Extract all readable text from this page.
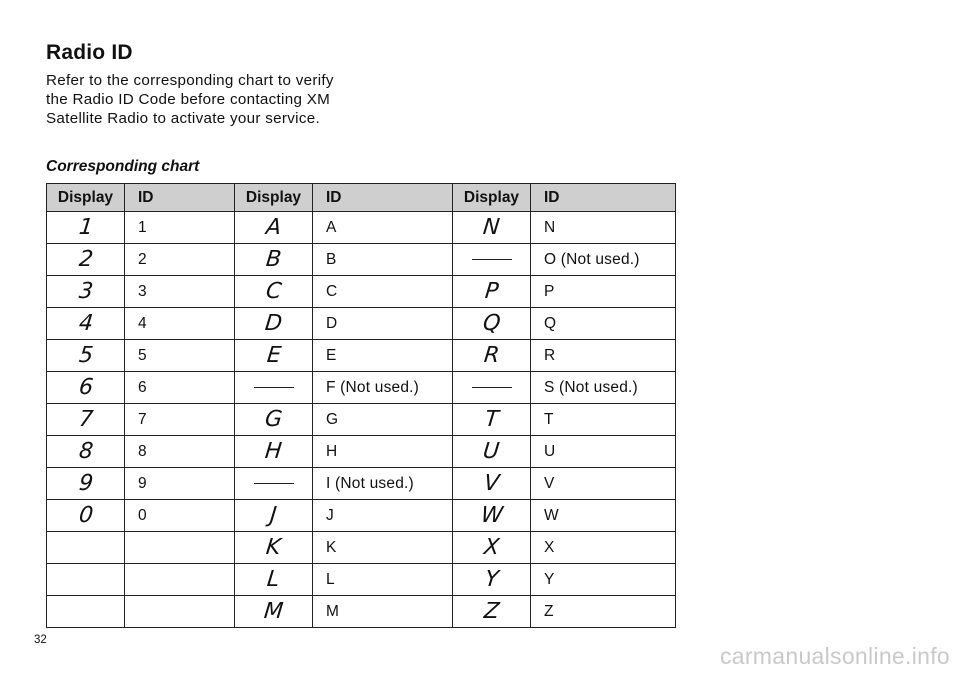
Radio ID

Refer to the corresponding chart to verify the Radio ID Code before contacting XM Satellite Radio to activate your service.

Corresponding chart

Display	ID	Display	ID	Display	ID
1	1	A	A	N	N
2	2	B	B		O (Not used.)
3	3	C	C	P	P
4	4	D	D	Q	Q
5	5	E	E	R	R
6	6		F (Not used.)		S (Not used.)
7	7	G	G	T	T
8	8	H	H	U	U
9	9		I (Not used.)	V	V
0	0	J	J	W	W
		K	K	X	X
		L	L	Y	Y
		M	M	Z	Z
32
carmanualsonline.info
